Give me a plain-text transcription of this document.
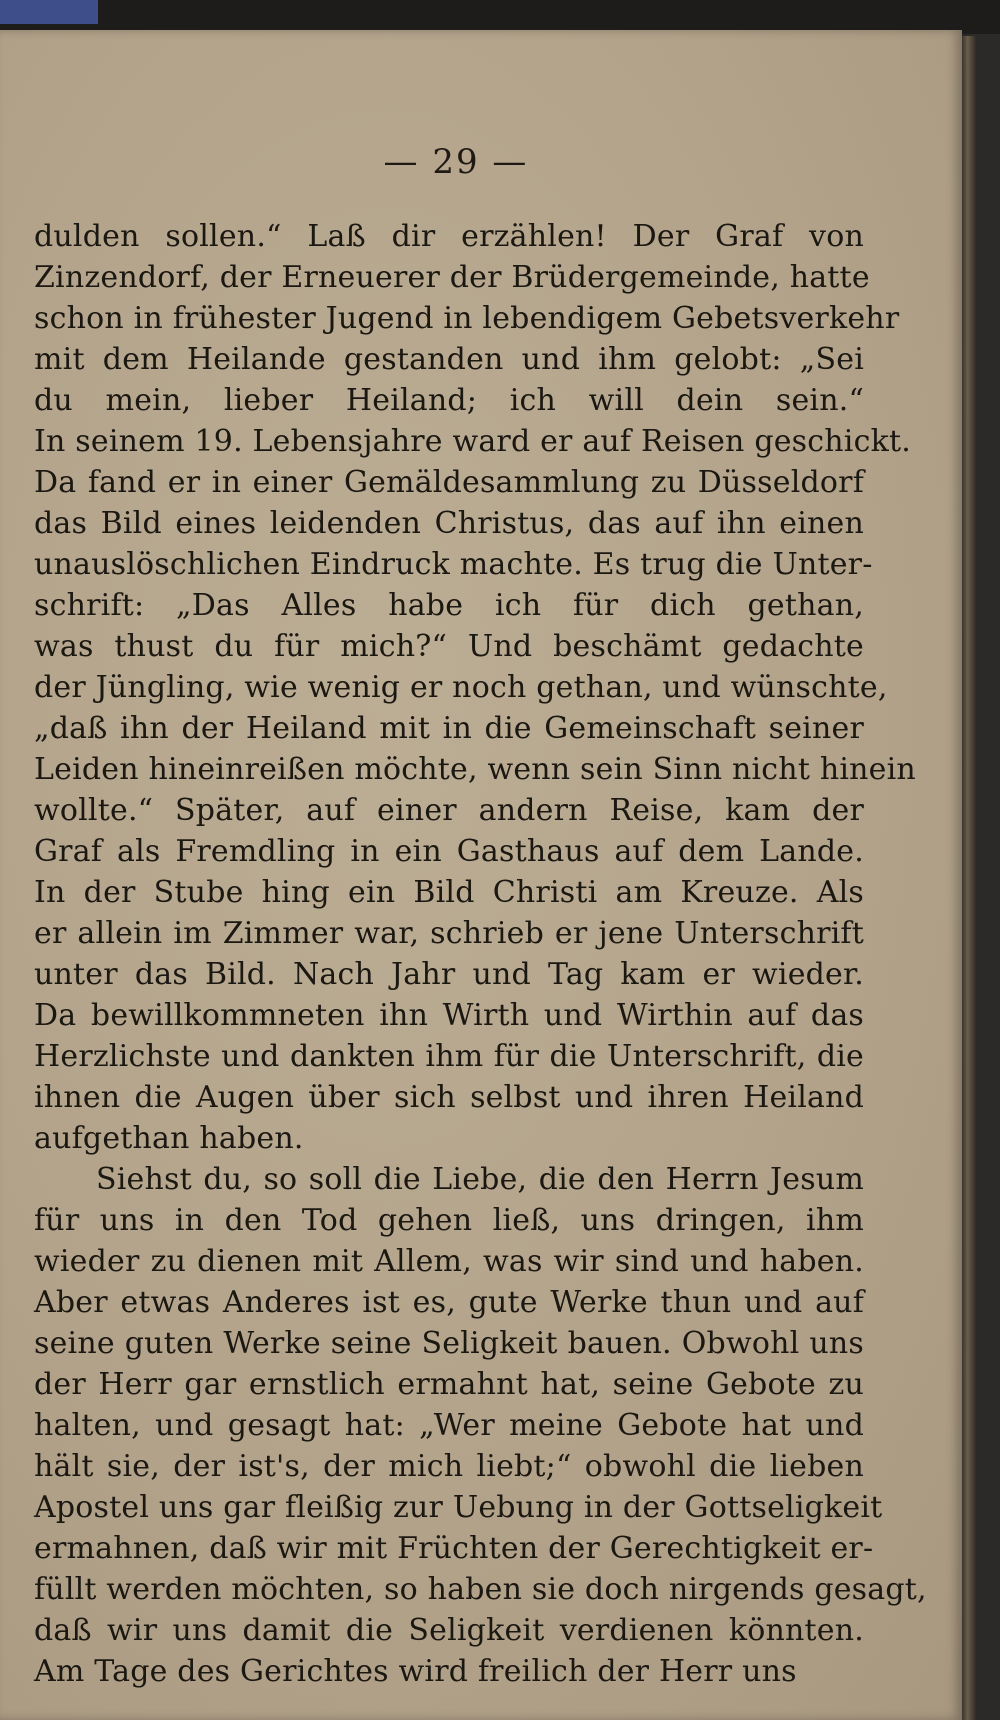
— 29 —
dulden sollen.“ Laß dir erzählen! Der Graf von
Zinzendorf, der Erneuerer der Brüdergemeinde, hatte
schon in frühester Jugend in lebendigem Gebetsverkehr
mit dem Heilande gestanden und ihm gelobt: „Sei
du mein, lieber Heiland; ich will dein sein.“
In seinem 19. Lebensjahre ward er auf Reisen geschickt.
Da fand er in einer Gemäldesammlung zu Düsseldorf
das Bild eines leidenden Christus, das auf ihn einen
unauslöschlichen Eindruck machte. Es trug die Unter-
schrift: „Das Alles habe ich für dich gethan,
was thust du für mich?“ Und beschämt gedachte
der Jüngling, wie wenig er noch gethan, und wünschte,
„daß ihn der Heiland mit in die Gemeinschaft seiner
Leiden hineinreißen möchte, wenn sein Sinn nicht hinein
wollte.“ Später, auf einer andern Reise, kam der
Graf als Fremdling in ein Gasthaus auf dem Lande.
In der Stube hing ein Bild Christi am Kreuze. Als
er allein im Zimmer war, schrieb er jene Unterschrift
unter das Bild. Nach Jahr und Tag kam er wieder.
Da bewillkommneten ihn Wirth und Wirthin auf das
Herzlichste und dankten ihm für die Unterschrift, die
ihnen die Augen über sich selbst und ihren Heiland
aufgethan haben.
Siehst du, so soll die Liebe, die den Herrn Jesum
für uns in den Tod gehen ließ, uns dringen, ihm
wieder zu dienen mit Allem, was wir sind und haben.
Aber etwas Anderes ist es, gute Werke thun und auf
seine guten Werke seine Seligkeit bauen. Obwohl uns
der Herr gar ernstlich ermahnt hat, seine Gebote zu
halten, und gesagt hat: „Wer meine Gebote hat und
hält sie, der ist's, der mich liebt;“ obwohl die lieben
Apostel uns gar fleißig zur Uebung in der Gottseligkeit
ermahnen, daß wir mit Früchten der Gerechtigkeit er-
füllt werden möchten, so haben sie doch nirgends gesagt,
daß wir uns damit die Seligkeit verdienen könnten.
Am Tage des Gerichtes wird freilich der Herr uns
